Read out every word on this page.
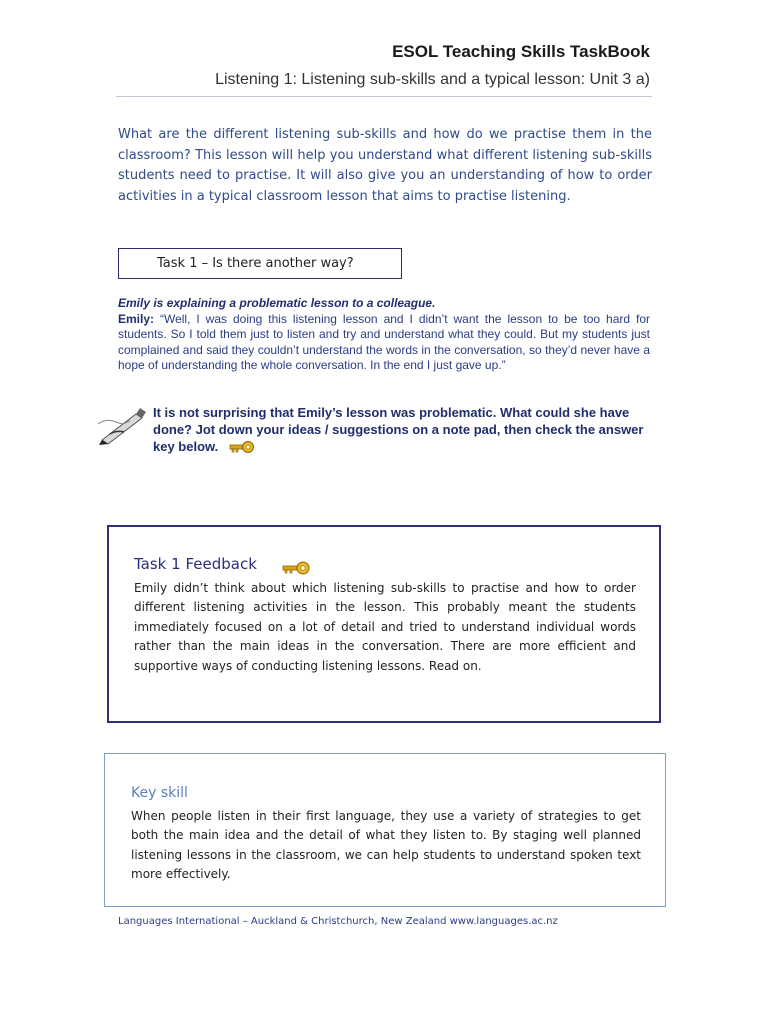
ESOL Teaching Skills TaskBook
Listening 1: Listening sub-skills and a typical lesson: Unit 3 a)

What are the different listening sub-skills and how do we practise them in the classroom? This lesson will help you understand what different listening sub-skills students need to practise. It will also give you an understanding of how to order activities in a typical classroom lesson that aims to practise listening.

Task 1 – Is there another way?
Emily is explaining a problematic lesson to a colleague.
Emily: “Well, I was doing this listening lesson and I didn’t want the lesson to be too hard for students. So I told them just to listen and try and understand what they could. But my students just complained and said they couldn’t understand the words in the conversation, so they’d never have a hope of understanding the whole conversation. In the end I just gave up.”
It is not surprising that Emily’s lesson was problematic. What could she have done? Jot down your ideas / suggestions on a note pad, then check the answer key below.
Task 1 Feedback

Emily didn’t think about which listening sub-skills to practise and how to order different listening activities in the lesson. This probably meant the students immediately focused on a lot of detail and tried to understand individual words rather than the main ideas in the conversation. There are more efficient and supportive ways of conducting listening lessons. Read on.

Key skill

When people listen in their first language, they use a variety of strategies to get both the main idea and the detail of what they listen to. By staging well planned listening lessons in the classroom, we can help students to understand spoken text more effectively.

Languages International – Auckland & Christchurch, New Zealand www.languages.ac.nz
